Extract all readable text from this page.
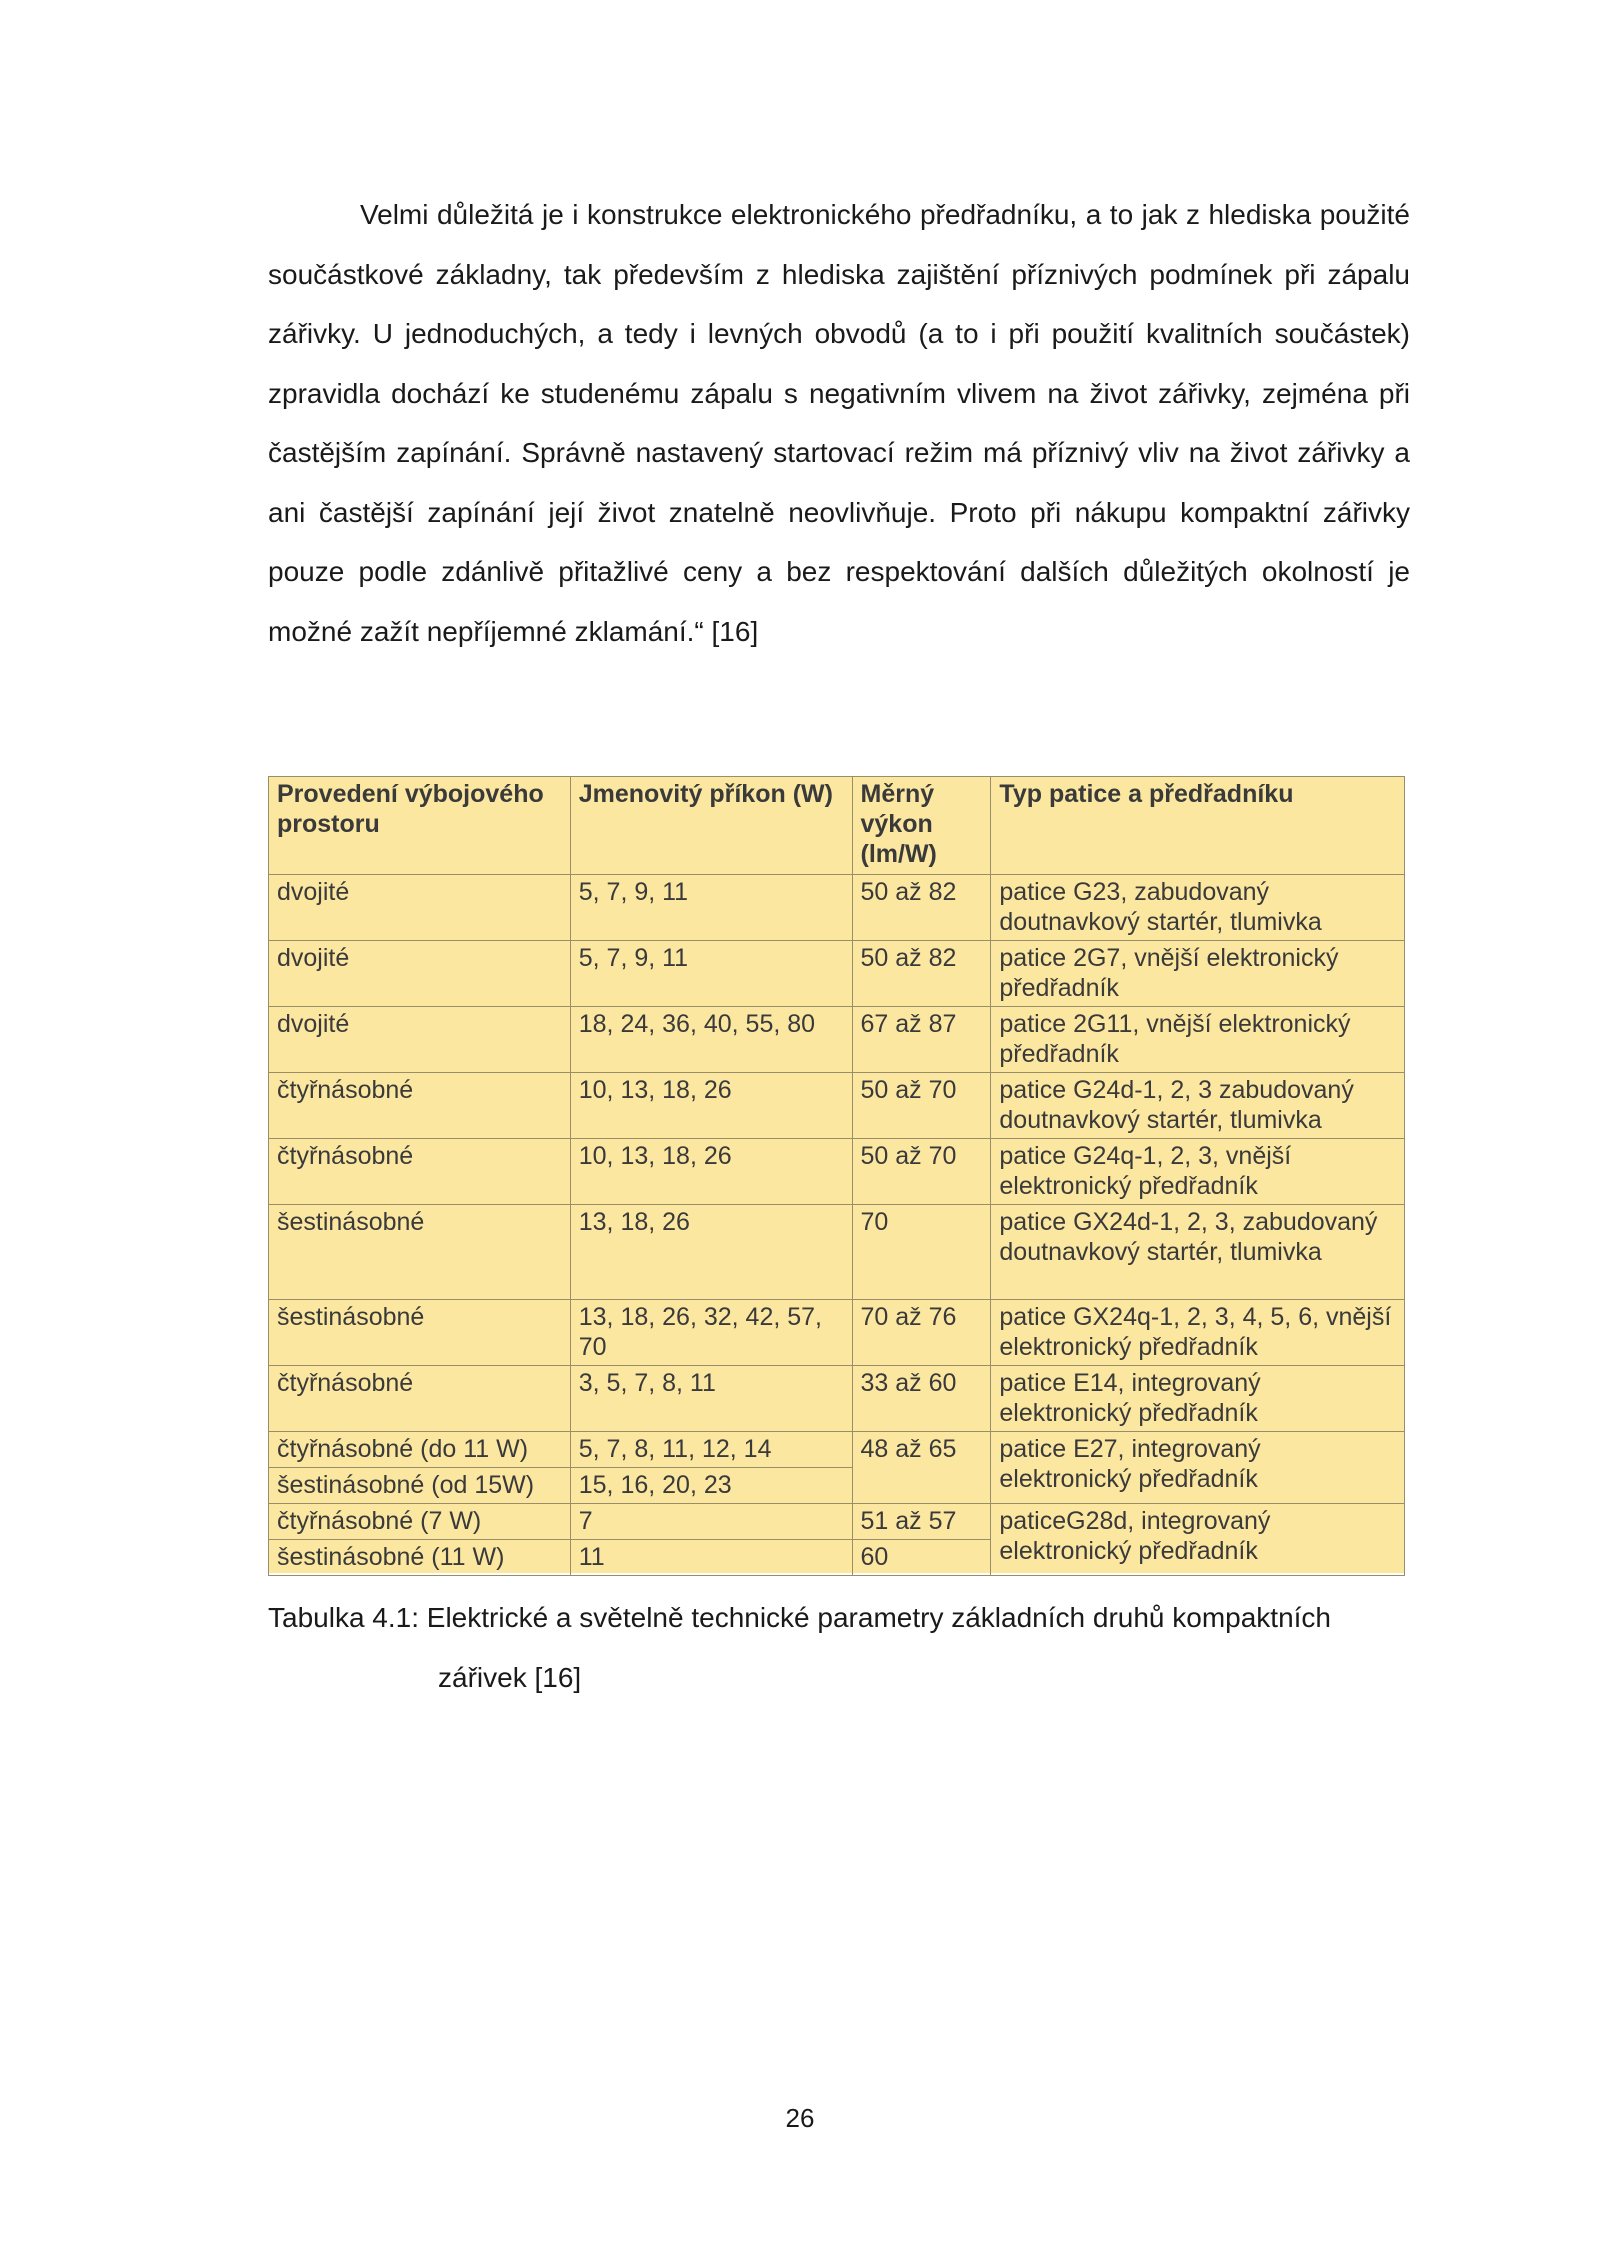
Velmi důležitá je i konstrukce elektronického předřadníku, a to jak z hlediska použité součástkové základny, tak především z hlediska zajištění příznivých podmínek při zápalu zářivky. U jednoduchých, a tedy i levných obvodů (a to i při použití kvalitních součástek) zpravidla dochází ke studenému zápalu s negativním vlivem na život zářivky, zejména při častějším zapínání. Správně nastavený startovací režim má příznivý vliv na život zářivky a ani častější zapínání její život znatelně neovlivňuje. Proto při nákupu kompaktní zářivky pouze podle zdánlivě přitažlivé ceny a bez respektování dalších důležitých okolností je možné zažít nepříjemné zklamání.“ [16]

Provedení výbojového prostoru	Jmenovitý příkon (W)	Měrný výkon (lm/W)	Typ patice a předřadníku
dvojité	5, 7, 9, 11	50 až 82	patice G23, zabudovaný doutnavkový startér, tlumivka
dvojité	5, 7, 9, 11	50 až 82	patice 2G7, vnější elektronický předřadník
dvojité	18, 24, 36, 40, 55, 80	67 až 87	patice 2G11, vnější elektronický předřadník
čtyřnásobné	10, 13, 18, 26	50 až 70	patice G24d-1, 2, 3 zabudovaný doutnavkový startér, tlumivka
čtyřnásobné	10, 13, 18, 26	50 až 70	patice G24q-1, 2, 3, vnější elektronický předřadník
šestinásobné	13, 18, 26	70	patice GX24d-1, 2, 3, zabudovaný doutnavkový startér, tlumivka
šestinásobné	13, 18, 26, 32, 42, 57, 70	70 až 76	patice GX24q-1, 2, 3, 4, 5, 6, vnější elektronický předřadník
čtyřnásobné	3, 5, 7, 8, 11	33 až 60	patice E14, integrovaný elektronický předřadník
čtyřnásobné (do 11 W)	5, 7, 8, 11, 12, 14	48 až 65	patice E27, integrovaný elektronický předřadník
šestinásobné (od 15W)	15, 16, 20, 23		
čtyřnásobné (7 W)	7	51 až 57	paticeG28d, integrovaný elektronický předřadník
šestinásobné (11 W)	11	60	

Tabulka 4.1: Elektrické a světelně technické parametry základních druhů kompaktních
zářivek [16]

26
